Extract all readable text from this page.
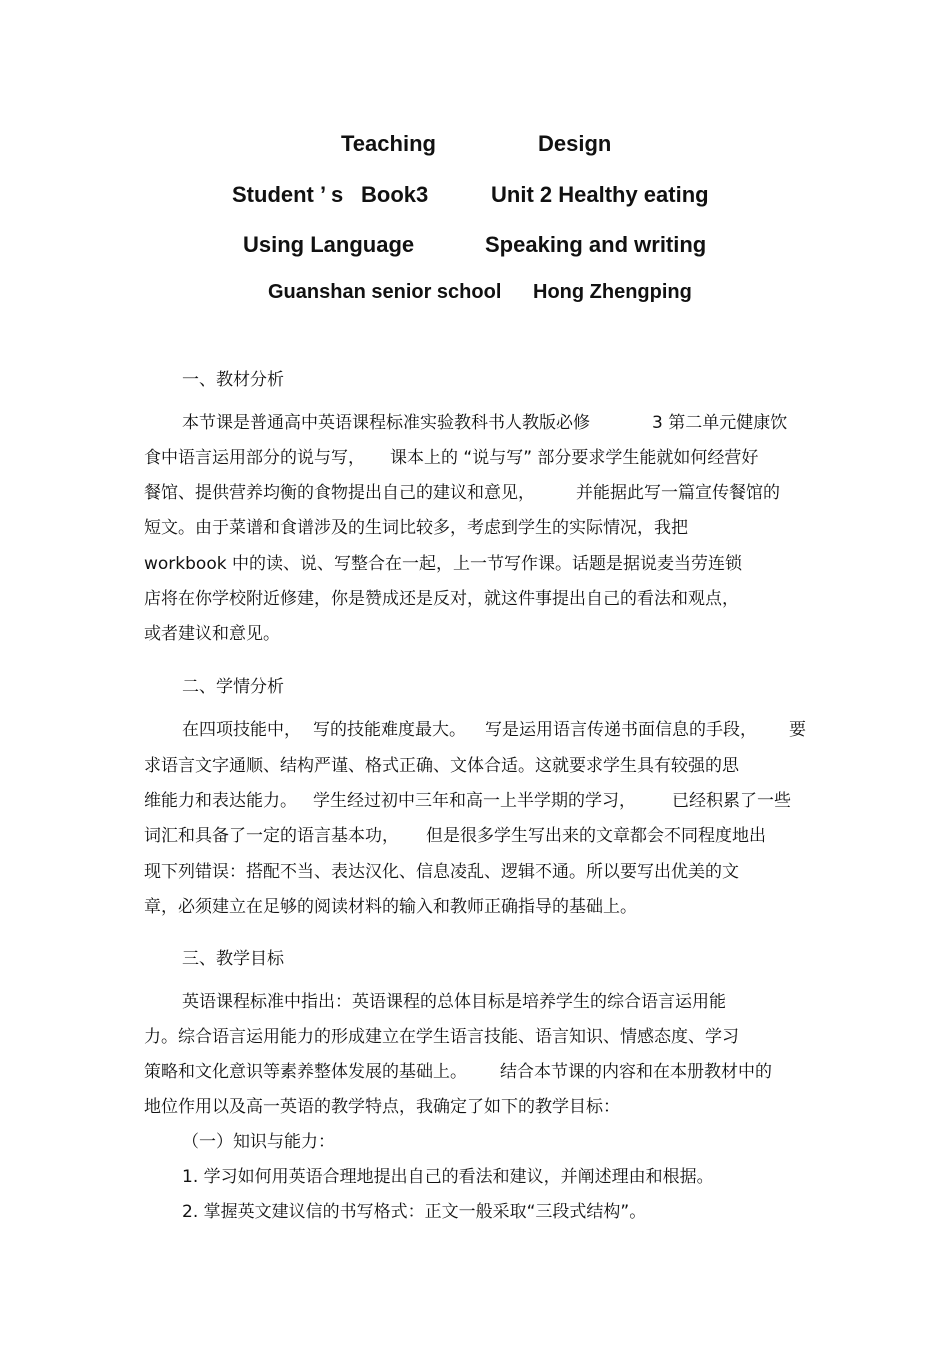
Teaching	Design
Student ’ s Book3	Unit 2 Healthy eating
Using Language	Speaking and writing
Guanshan senior school Hong Zhengping
一、教材分析
本节课是普通高中英语课程标准实验教科书人教版必修	3 第二单元健康饮
食中语言运用部分的说与写， 课本上的 “说与写” 部分要求学生能就如何经营好
餐馆、提供营养均衡的食物提出自己的建议和意见， 并能据此写一篇宣传餐馆的
短文。由于菜谱和食谱涉及的生词比较多，考虑到学生的实际情况，我把
workbook 中的读、说、写整合在一起，上一节写作课。话题是据说麦当劳连锁
店将在你学校附近修建，你是赞成还是反对，就这件事提出自己的看法和观点，
或者建议和意见。
二、学情分析
在四项技能中， 写的技能难度最大。 写是运用语言传递书面信息的手段， 要
求语言文字通顺、结构严谨、格式正确、文体合适。这就要求学生具有较强的思
维能力和表达能力。 学生经过初中三年和高一上半学期的学习， 已经积累了一些
词汇和具备了一定的语言基本功， 但是很多学生写出来的文章都会不同程度地出
现下列错误：搭配不当、表达汉化、信息凌乱、逻辑不通。所以要写出优美的文
章，必须建立在足够的阅读材料的输入和教师正确指导的基础上。
三、教学目标
英语课程标准中指出：英语课程的总体目标是培养学生的综合语言运用能
力。综合语言运用能力的形成建立在学生语言技能、语言知识、情感态度、学习
策略和文化意识等素养整体发展的基础上。 结合本节课的内容和在本册教材中的
地位作用以及高一英语的教学特点，我确定了如下的教学目标：
（一）知识与能力：
1. 学习如何用英语合理地提出自己的看法和建议，并阐述理由和根据。
2. 掌握英文建议信的书写格式：正文一般采取“三段式结构”。
